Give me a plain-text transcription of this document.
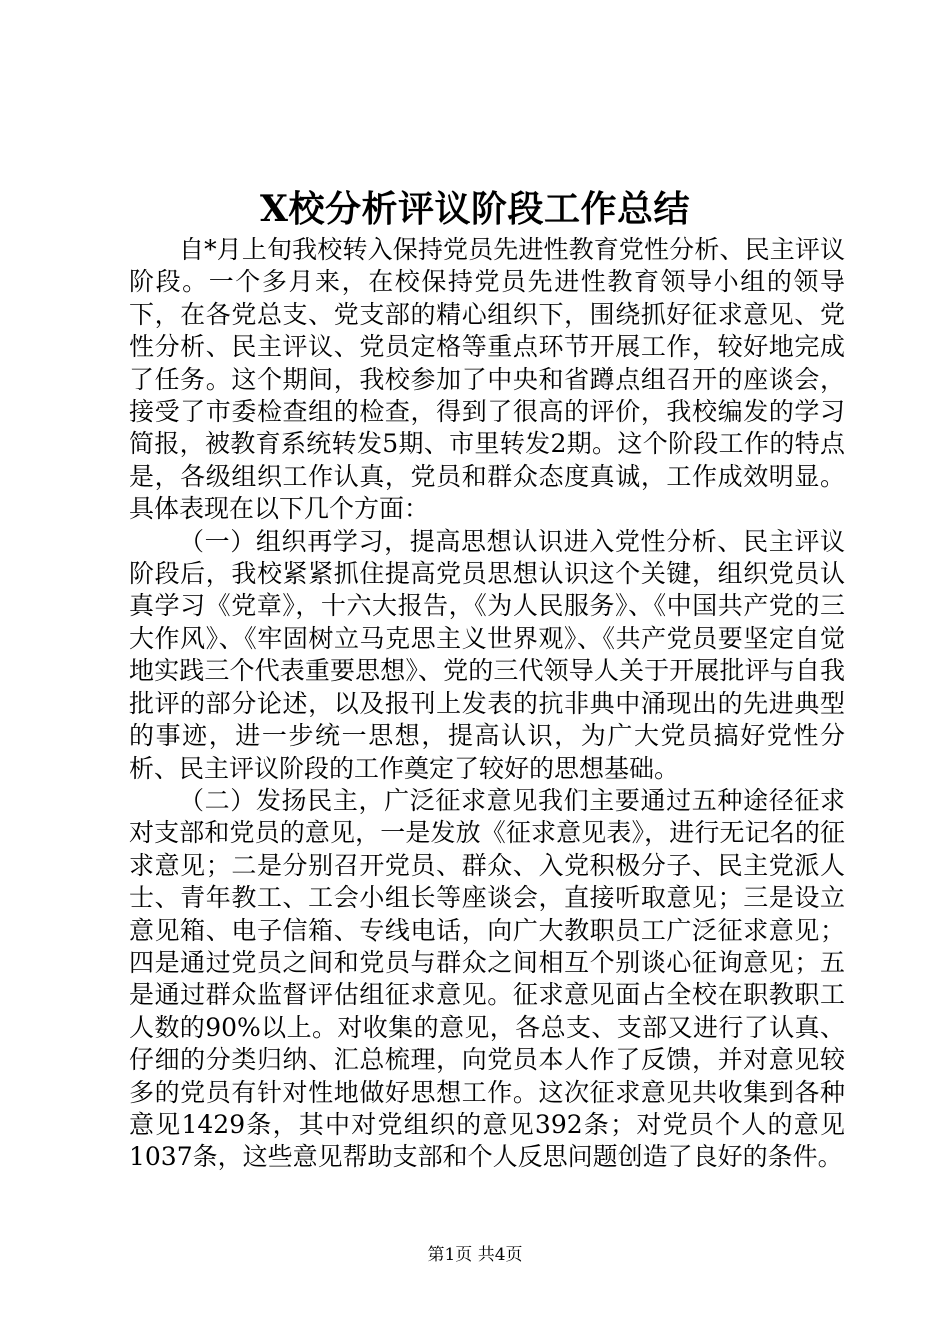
X校分析评议阶段工作总结

自*月上旬我校转入保持党员先进性教育党性分析、民主评议阶段。一个多月来，在校保持党员先进性教育领导小组的领导下，在各党总支、党支部的精心组织下，围绕抓好征求意见、党性分析、民主评议、党员定格等重点环节开展工作，较好地完成了任务。这个期间，我校参加了中央和省蹲点组召开的座谈会，接受了市委检查组的检查，得到了很高的评价，我校编发的学习简报，被教育系统转发5期、市里转发2期。这个阶段工作的特点是，各级组织工作认真，党员和群众态度真诚，工作成效明显。具体表现在以下几个方面：

（一）组织再学习，提高思想认识进入党性分析、民主评议阶段后，我校紧紧抓住提高党员思想认识这个关键，组织党员认真学习《党章》，十六大报告，《为人民服务》、《中国共产党的三大作风》、《牢固树立马克思主义世界观》、《共产党员要坚定自觉地实践三个代表重要思想》、党的三代领导人关于开展批评与自我批评的部分论述，以及报刊上发表的抗非典中涌现出的先进典型的事迹，进一步统一思想，提高认识，为广大党员搞好党性分析、民主评议阶段的工作奠定了较好的思想基础。

（二）发扬民主，广泛征求意见我们主要通过五种途径征求对支部和党员的意见，一是发放《征求意见表》，进行无记名的征求意见；二是分别召开党员、群众、入党积极分子、民主党派人士、青年教工、工会小组长等座谈会，直接听取意见；三是设立意见箱、电子信箱、专线电话，向广大教职员工广泛征求意见；四是通过党员之间和党员与群众之间相互个别谈心征询意见；五是通过群众监督评估组征求意见。征求意见面占全校在职教职工人数的90%以上。对收集的意见，各总支、支部又进行了认真、仔细的分类归纳、汇总梳理，向党员本人作了反馈，并对意见较多的党员有针对性地做好思想工作。这次征求意见共收集到各种意见1429条，其中对党组织的意见392条；对党员个人的意见1037条，这些意见帮助支部和个人反思问题创造了良好的条件。

第1页 共4页
